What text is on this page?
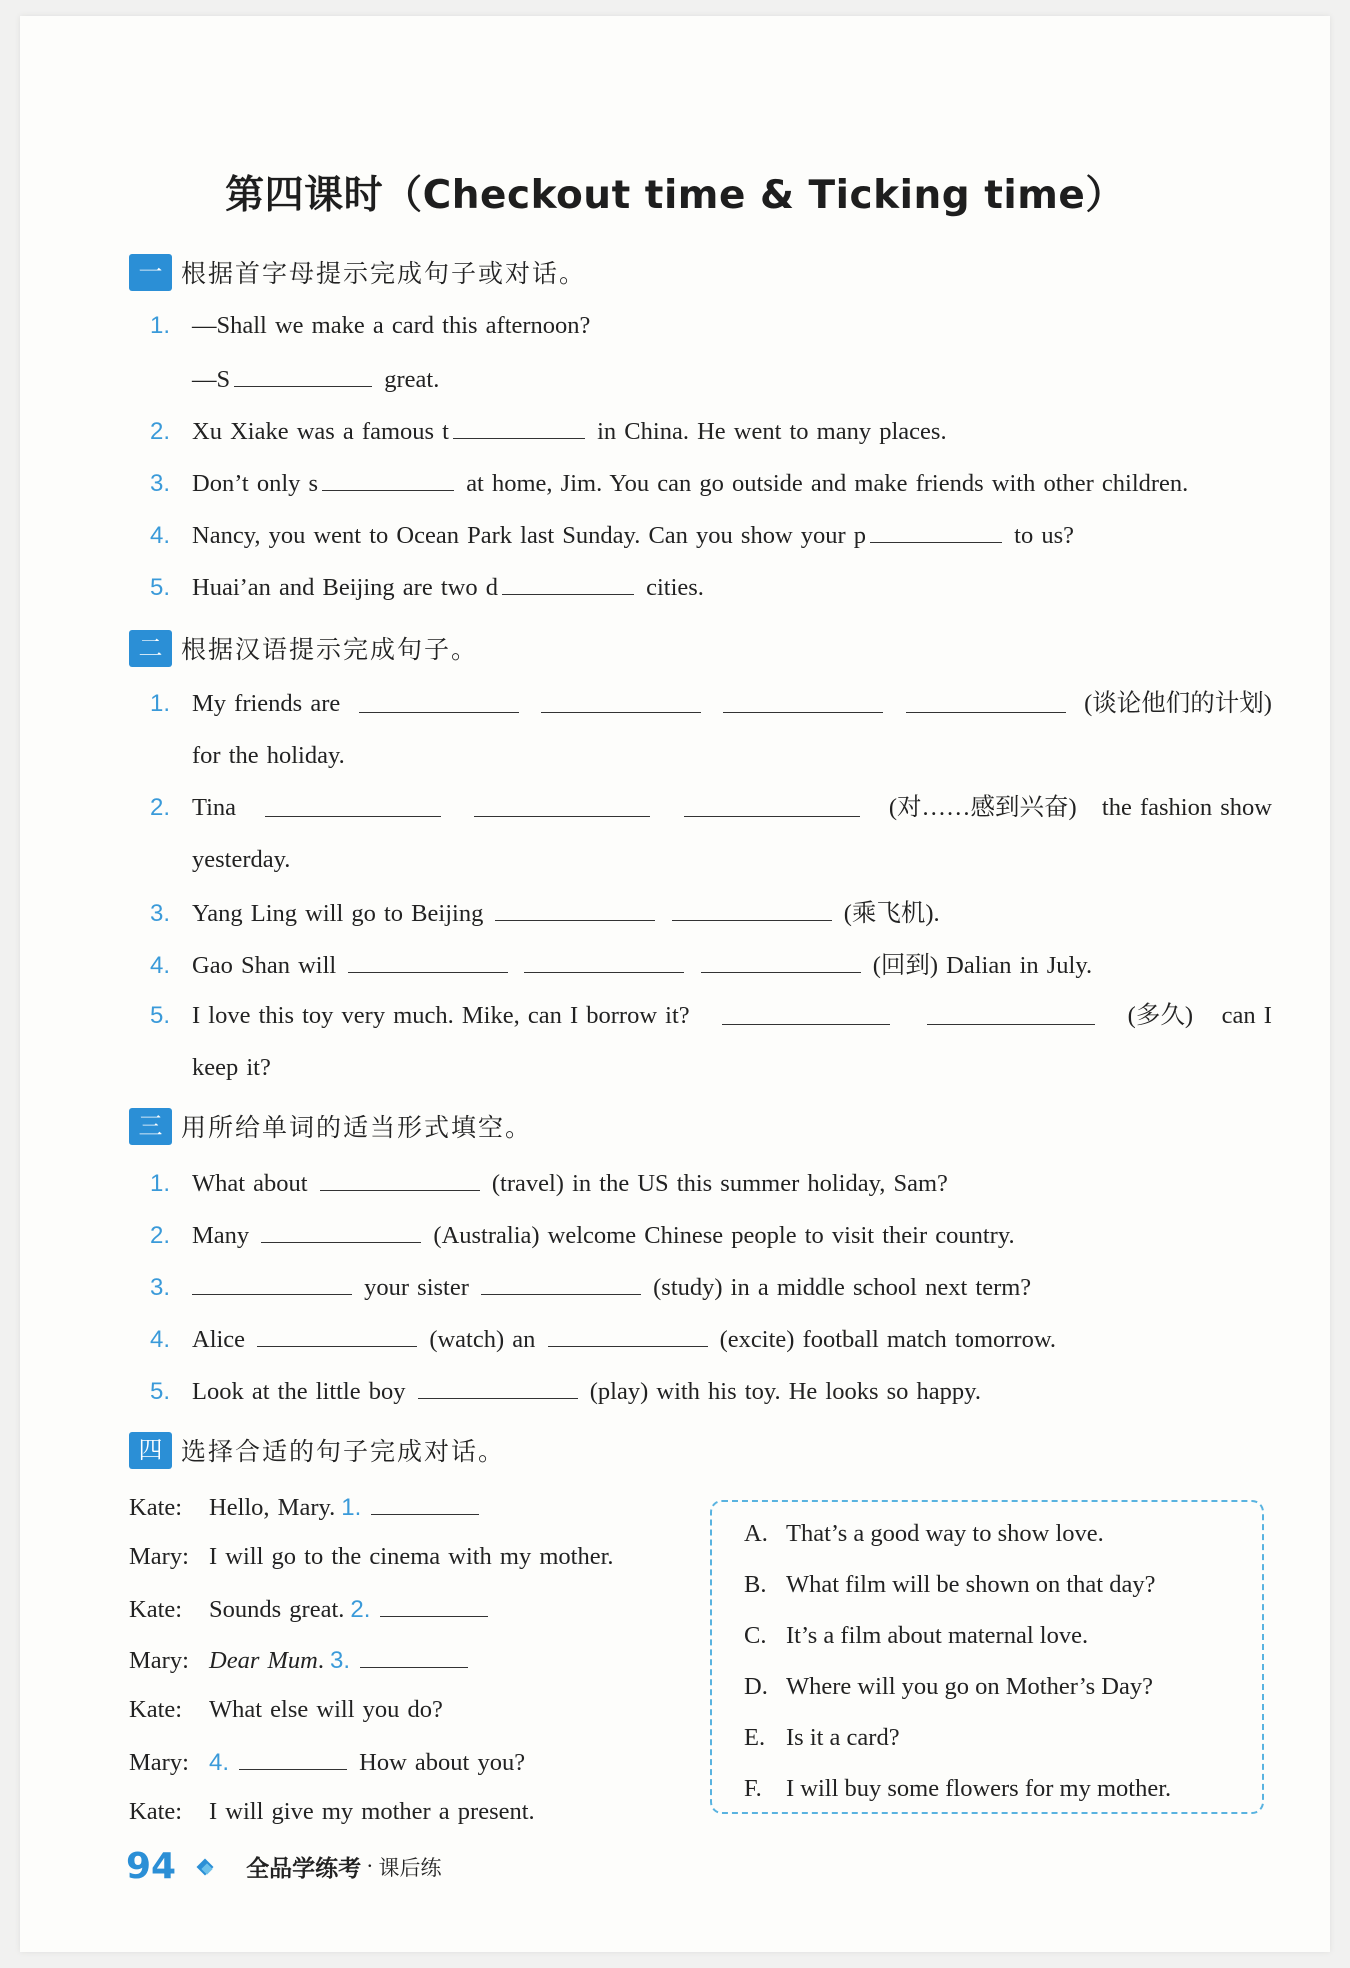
第四课时（Checkout time & Ticking time）
一 根据首字母提示完成句子或对话。
1. —Shall we make a card this afternoon?
—S	great.
2. Xu Xiake was a famous t	in China. He went to many places.
3. Don’t only s	at home, Jim. You can go outside and make friends with other children.
4. Nancy, you went to Ocean Park last Sunday. Can you show your p	to us?
5. Huai’an and Beijing are two d	cities.
二 根据汉语提示完成句子。
1. My friends are	(谈论他们的计划)
for the holiday.
2. Tina	(对……感到兴奋) the fashion show
yesterday.
3. Yang Ling will go to Beijing	(乘飞机).
4. Gao Shan will	(回到) Dalian in July.
5. I love this toy very much. Mike, can I borrow it?	(多久) can I
keep it?
三 用所给单词的适当形式填空。
1. What about	(travel) in the US this summer holiday, Sam?
2. Many	(Australia) welcome Chinese people to visit their country.
3.	your sister	(study) in a middle school next term?
4. Alice	(watch) an	(excite) football match tomorrow.
5. Look at the little boy	(play) with his toy. He looks so happy.
四 选择合适的句子完成对话。
Kate: Hello, Mary. 1.
Mary: I will go to the cinema with my mother.
Kate: Sounds great. 2.
Mary: Dear Mum. 3.
Kate: What else will you do?
Mary: 4.	How about you?
Kate: I will give my mother a present.
A. That’s a good way to show love.
B. What film will be shown on that day?
C. It’s a film about maternal love.
D. Where will you go on Mother’s Day?
E. Is it a card?
F. I will buy some flowers for my mother.
94	全品学练考 · 课后练
